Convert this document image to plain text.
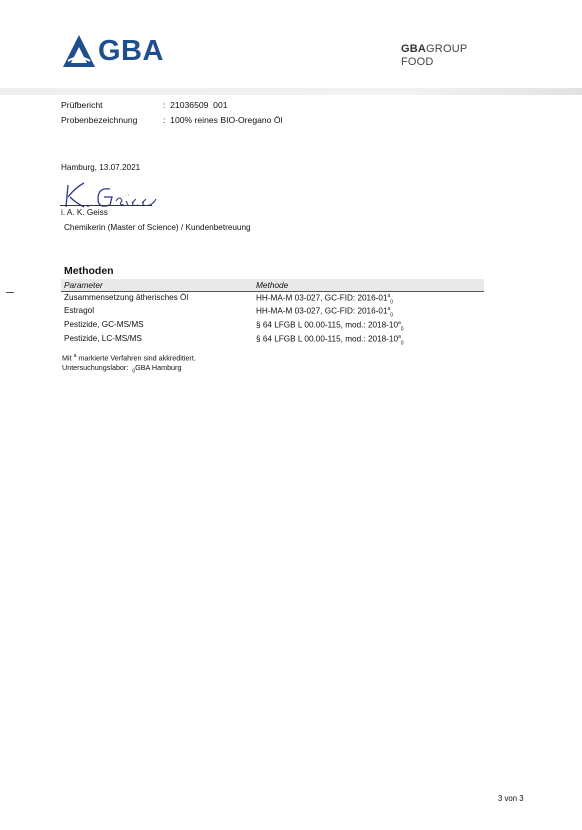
GBA	GBAGROUP
FOOD
Prüfbericht	:  21036509  001
Probenbezeichnung	:  100% reines BIO-Oregano Öl
Hamburg, 13.07.2021
i. A. K. Geiss
Chemikerin (Master of Science) / Kundenbetreuung
Methoden
Parameter	Methode
Zusammensetzung ätherisches Öl	HH-MA-M 03-027, GC-FID: $2016-01^a_0$
Estragol	HH-MA-M 03-027, GC-FID: $2016-01^a_0$
Pestizide, GC-MS/MS	§ 64 LFGB L 00.00-115, mod.: $2018-10^a_0$
Pestizide, LC-MS/MS	§ 64 LFGB L 00.00-115, mod.: $2018-10^a_0$
Mit $^a$ markierte Verfahren sind akkreditiert.
Untersuchungslabor: $_0$GBA Hamburg
3 von 3
